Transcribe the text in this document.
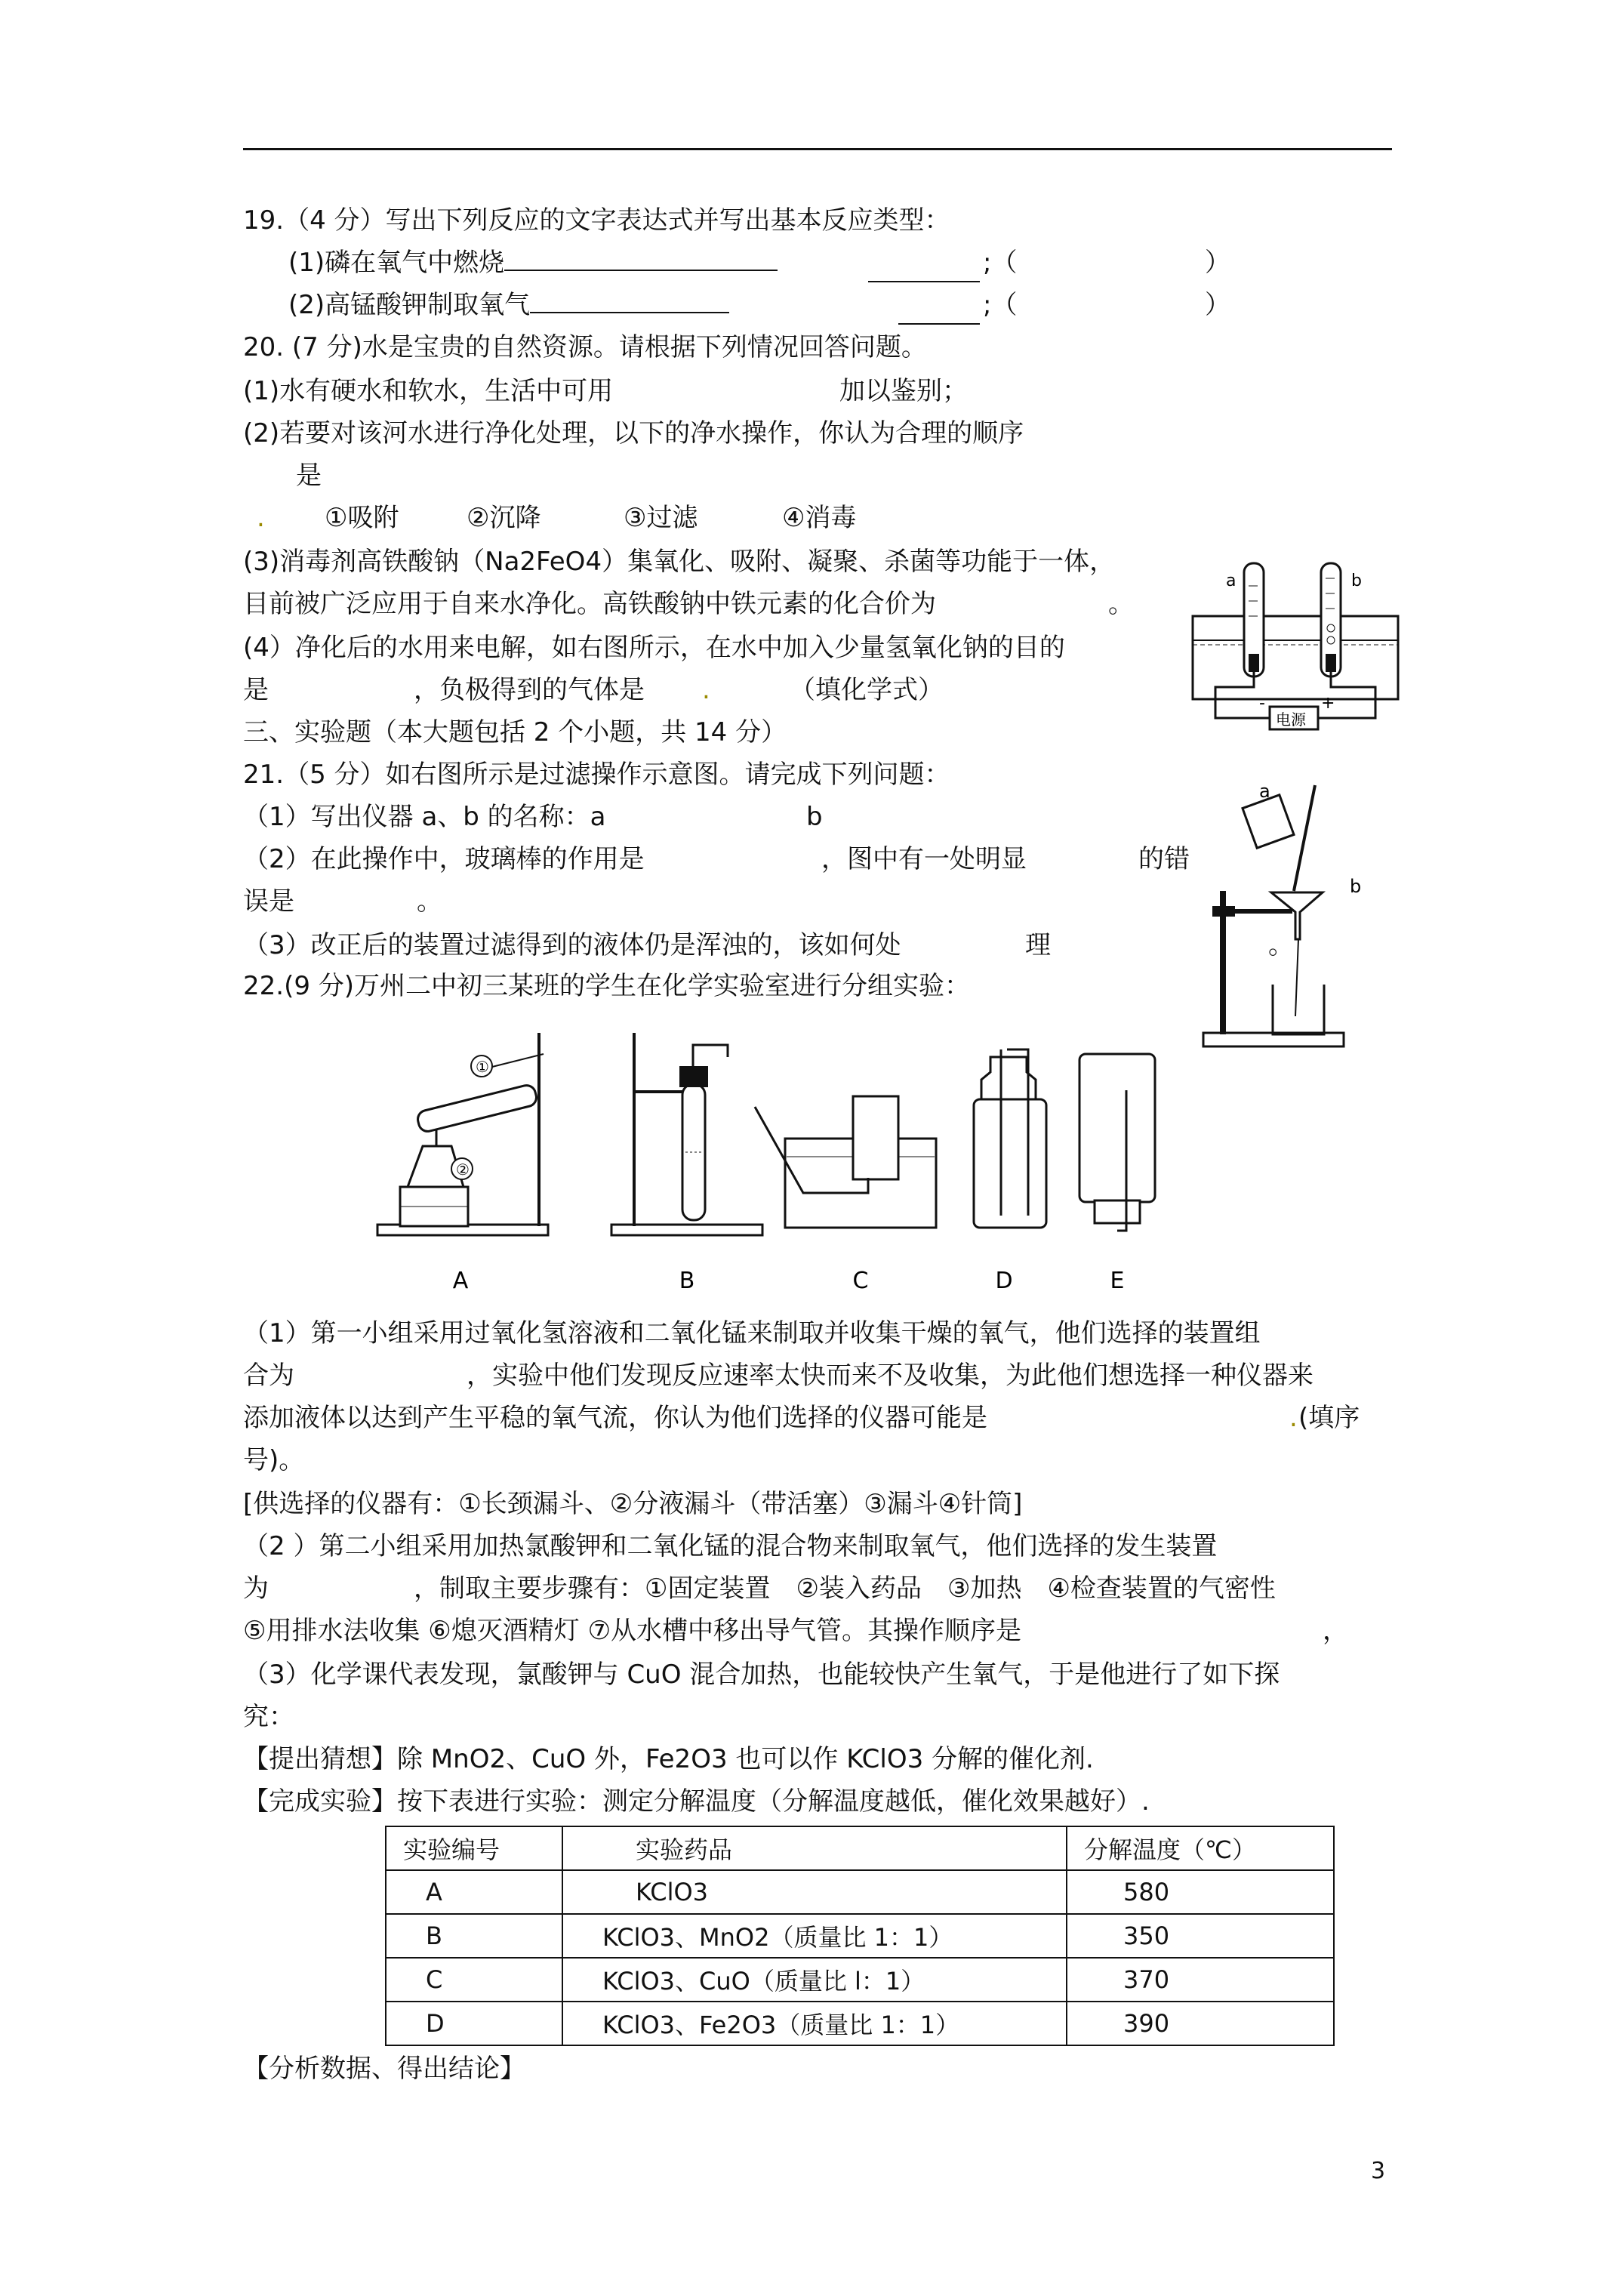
19.（4 分）写出下列反应的文字表达式并写出基本反应类型：
(1)磷在氧气中燃烧	;（	）
(2)高锰酸钾制取氧气	;（	）
20. (7 分)水是宝贵的自然资源。请根据下列情况回答问题。
(1)水有硬水和软水，生活中可用	加以鉴别；
(2)若要对该河水进行净化处理，以下的净水操作，你认为合理的顺序
是
. ①吸附	②沉降	③过滤	④消毒
(3)消毒剂高铁酸钠（Na2FeO4）集氧化、吸附、凝聚、杀菌等功能于一体，
目前被广泛应用于自来水净化。高铁酸钠中铁元素的化合价为	。
(4）净化后的水用来电解，如右图所示，在水中加入少量氢氧化钠的目的
是	，负极得到的气体是 .	（填化学式）
电源
-	+
a	b
三、实验题（本大题包括 2 个小题，共 14 分）
21.（5 分）如右图所示是过滤操作示意图。请完成下列问题：
（1）写出仪器 a、b 的名称：a	b
（2）在此操作中，玻璃棒的作用是	，图中有一处明显	的错
误是	。
（3）改正后的装置过滤得到的液体仍是浑浊的，该如何处	理	。
a
b
22.(9 分)万州二中初三某班的学生在化学实验室进行分组实验：
①
②
A	B	C	D	E
（1）第一小组采用过氧化氢溶液和二氧化锰来制取并收集干燥的氧气，他们选择的装置组
合为	，实验中他们发现反应速率太快而来不及收集，为此他们想选择一种仪器来
添加液体以达到产生平稳的氧气流，你认为他们选择的仪器可能是	. (填序
号)。
[供选择的仪器有：①长颈漏斗、②分液漏斗（带活塞）③漏斗④针筒]
（2 ）第二小组采用加热氯酸钾和二氧化锰的混合物来制取氧气，他们选择的发生装置
为	，制取主要步骤有：①固定装置　②装入药品　③加热　④检查装置的气密性
⑤用排水法收集 ⑥熄灭酒精灯 ⑦从水槽中移出导气管。其操作顺序是	，
（3）化学课代表发现，氯酸钾与 CuO 混合加热，也能较快产生氧气，于是他进行了如下探
究：
【提出猜想】除 MnO2、CuO 外，Fe2O3 也可以作 KClO3 分解的催化剂.
【完成实验】按下表进行实验：测定分解温度（分解温度越低，催化效果越好）.
实验编号	实验药品	分解温度（℃）
A	KClO3	580
B	KClO3、MnO2（质量比 1：1）	350
C	KClO3、CuO（质量比 l：1）	370
D	KClO3、Fe2O3（质量比 1：1）	390
【分析数据、得出结论】
3
